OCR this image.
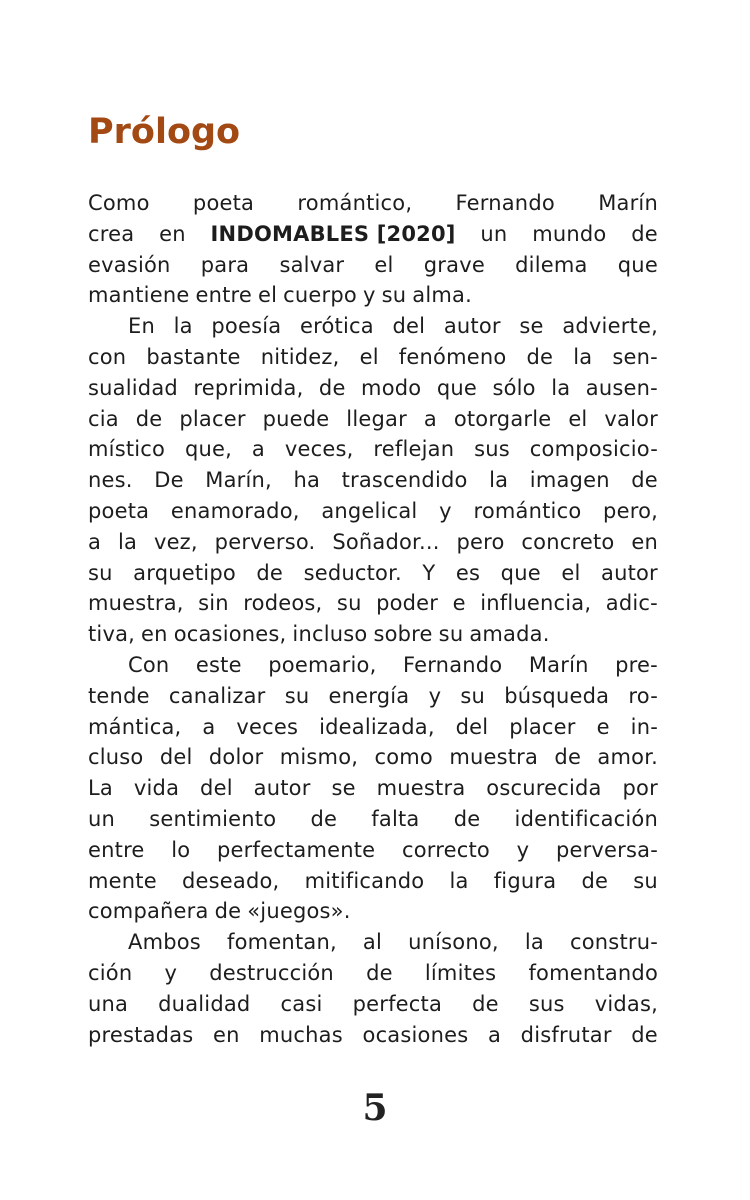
Prólogo
Como poeta romántico, Fernando Marín
crea en INDOMABLES [2020] un mundo de
evasión para salvar el grave dilema que
mantiene entre el cuerpo y su alma.
En la poesía erótica del autor se advierte,
con bastante nitidez, el fenómeno de la sen-
sualidad reprimida, de modo que sólo la ausen-
cia de placer puede llegar a otorgarle el valor
místico que, a veces, reflejan sus composicio-
nes. De Marín, ha trascendido la imagen de
poeta enamorado, angelical y romántico pero,
a la vez, perverso. Soñador... pero concreto en
su arquetipo de seductor. Y es que el autor
muestra, sin rodeos, su poder e influencia, adic-
tiva, en ocasiones, incluso sobre su amada.
Con este poemario, Fernando Marín pre-
tende canalizar su energía y su búsqueda ro-
mántica, a veces idealizada, del placer e in-
cluso del dolor mismo, como muestra de amor.
La vida del autor se muestra oscurecida por
un sentimiento de falta de identificación
entre lo perfectamente correcto y perversa-
mente deseado, mitificando la figura de su
compañera de «juegos».
Ambos fomentan, al unísono, la constru-
ción y destrucción de límites fomentando
una dualidad casi perfecta de sus vidas,
prestadas en muchas ocasiones a disfrutar de
5
